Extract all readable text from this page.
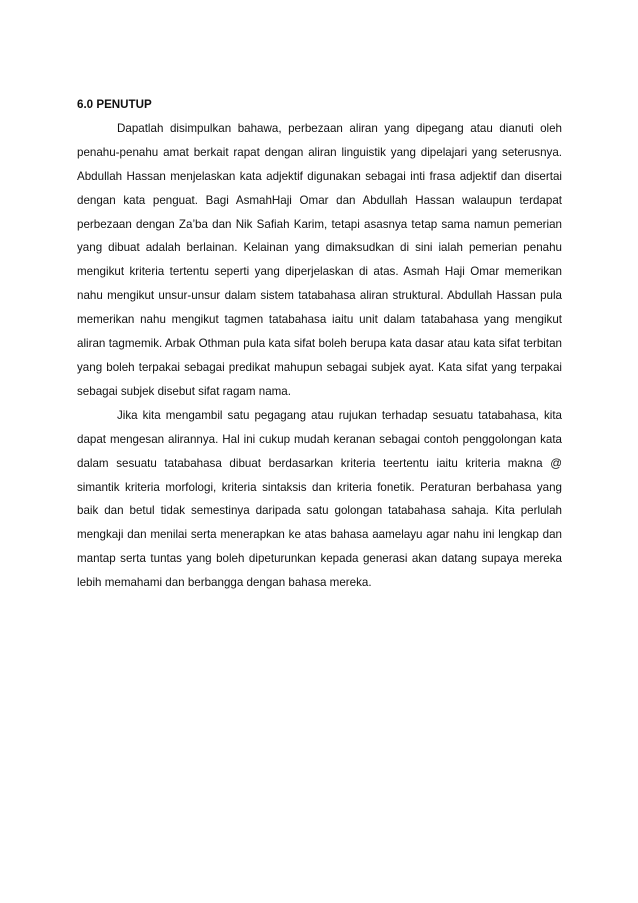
6.0 PENUTUP

Dapatlah disimpulkan bahawa, perbezaan aliran yang dipegang atau dianuti oleh penahu-penahu amat berkait rapat dengan aliran linguistik yang dipelajari yang seterusnya. Abdullah Hassan menjelaskan kata adjektif digunakan sebagai inti frasa adjektif dan disertai dengan kata penguat. Bagi AsmahHaji Omar dan Abdullah Hassan walaupun terdapat perbezaan dengan Za’ba dan Nik Safiah Karim, tetapi asasnya tetap sama namun pemerian yang dibuat adalah berlainan. Kelainan yang dimaksudkan di sini ialah pemerian penahu mengikut kriteria tertentu seperti yang diperjelaskan di atas. Asmah Haji Omar memerikan nahu mengikut unsur-unsur dalam sistem tatabahasa aliran struktural. Abdullah Hassan pula memerikan nahu mengikut tagmen tatabahasa iaitu unit dalam tatabahasa yang mengikut aliran tagmemik. Arbak Othman pula kata sifat boleh berupa kata dasar atau kata sifat terbitan yang boleh terpakai sebagai predikat mahupun sebagai subjek ayat. Kata sifat yang terpakai sebagai subjek disebut sifat ragam nama.

Jika kita mengambil satu pegagang atau rujukan terhadap sesuatu tatabahasa, kita dapat mengesan alirannya. Hal ini cukup mudah keranan sebagai contoh penggolongan kata dalam sesuatu tatabahasa dibuat berdasarkan kriteria teertentu iaitu kriteria makna @ simantik kriteria morfologi, kriteria sintaksis dan kriteria fonetik. Peraturan berbahasa yang baik dan betul tidak semestinya daripada satu golongan tatabahasa sahaja. Kita perlulah mengkaji dan menilai serta menerapkan ke atas bahasa aamelayu agar nahu ini lengkap dan mantap serta tuntas yang boleh dipeturunkan kepada generasi akan datang supaya mereka lebih memahami dan berbangga dengan bahasa mereka.
